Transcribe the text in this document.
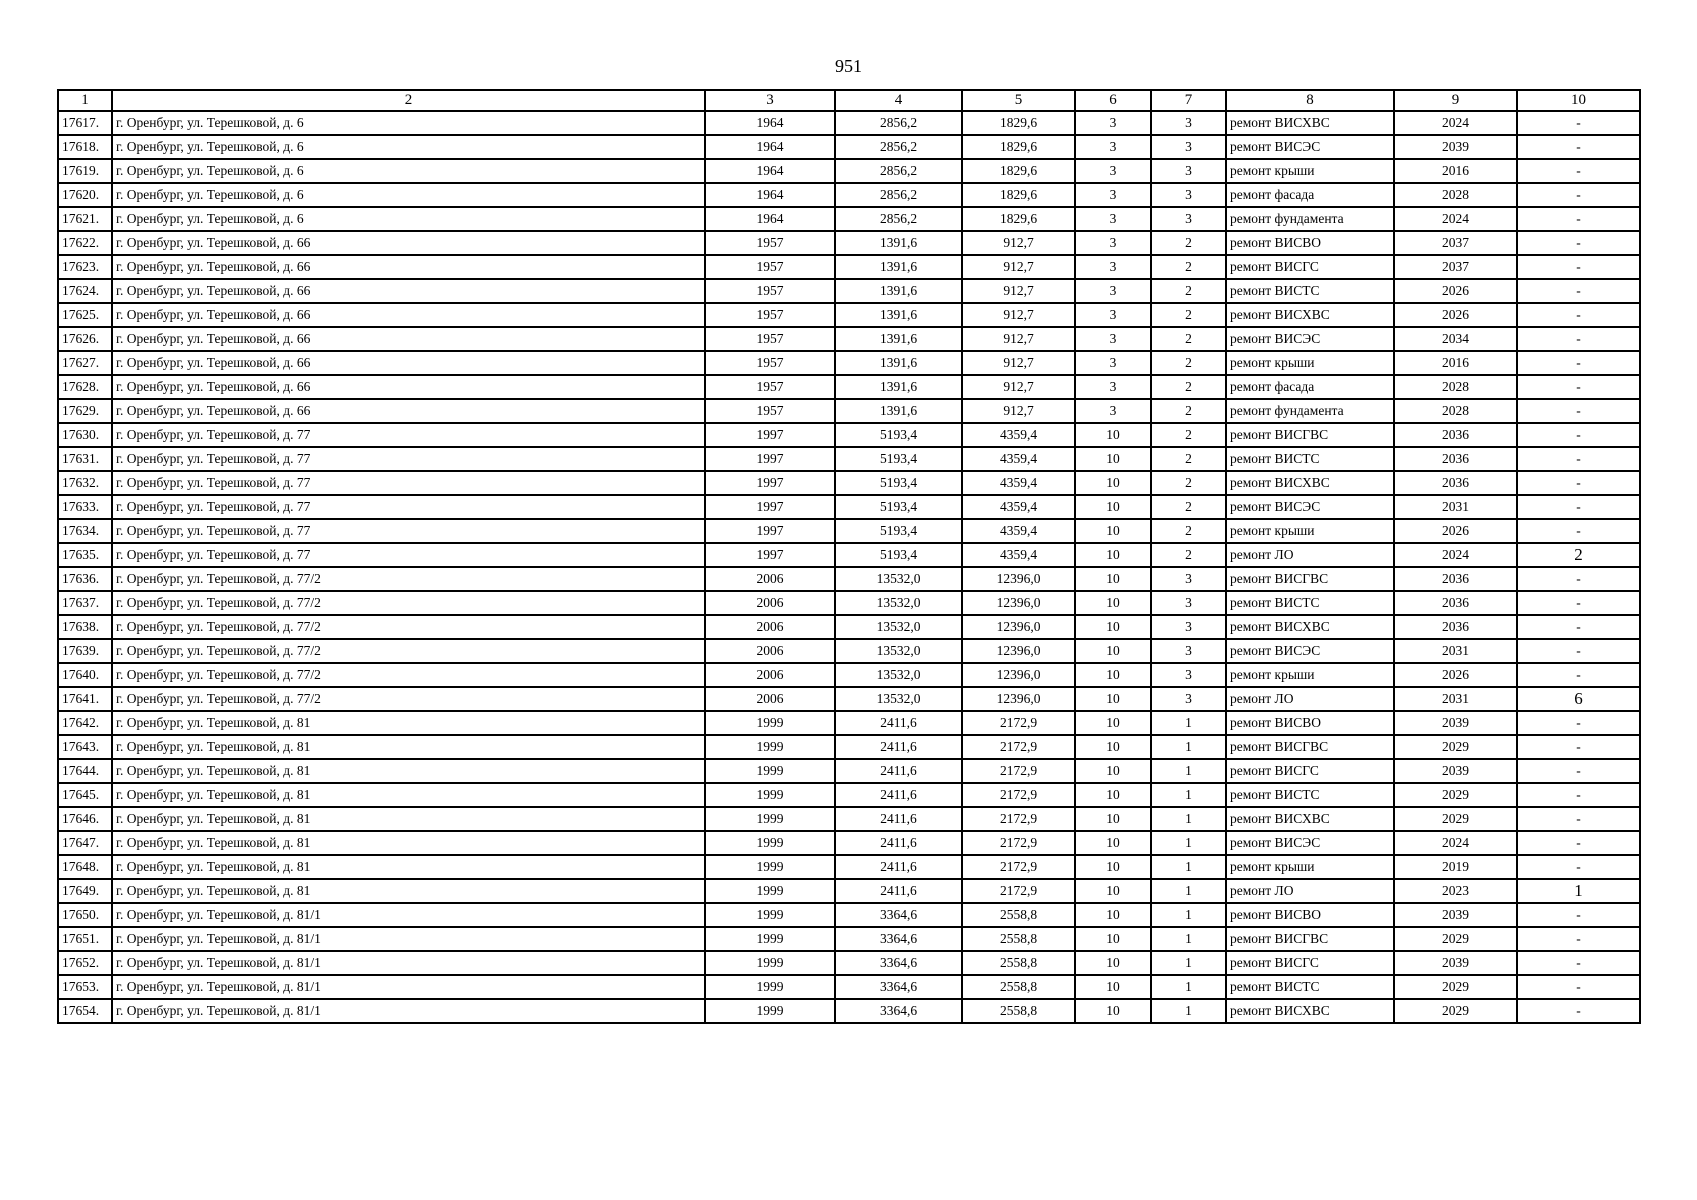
951
1	2	3	4	5	6	7	8	9	10
17617.	г. Оренбург, ул. Терешковой, д. 6	1964	2856,2	1829,6	3	3	ремонт ВИСХВС	2024	-
17618.	г. Оренбург, ул. Терешковой, д. 6	1964	2856,2	1829,6	3	3	ремонт ВИСЭС	2039	-
17619.	г. Оренбург, ул. Терешковой, д. 6	1964	2856,2	1829,6	3	3	ремонт крыши	2016	-
17620.	г. Оренбург, ул. Терешковой, д. 6	1964	2856,2	1829,6	3	3	ремонт фасада	2028	-
17621.	г. Оренбург, ул. Терешковой, д. 6	1964	2856,2	1829,6	3	3	ремонт фундамента	2024	-
17622.	г. Оренбург, ул. Терешковой, д. 66	1957	1391,6	912,7	3	2	ремонт ВИСВО	2037	-
17623.	г. Оренбург, ул. Терешковой, д. 66	1957	1391,6	912,7	3	2	ремонт ВИСГС	2037	-
17624.	г. Оренбург, ул. Терешковой, д. 66	1957	1391,6	912,7	3	2	ремонт ВИСТС	2026	-
17625.	г. Оренбург, ул. Терешковой, д. 66	1957	1391,6	912,7	3	2	ремонт ВИСХВС	2026	-
17626.	г. Оренбург, ул. Терешковой, д. 66	1957	1391,6	912,7	3	2	ремонт ВИСЭС	2034	-
17627.	г. Оренбург, ул. Терешковой, д. 66	1957	1391,6	912,7	3	2	ремонт крыши	2016	-
17628.	г. Оренбург, ул. Терешковой, д. 66	1957	1391,6	912,7	3	2	ремонт фасада	2028	-
17629.	г. Оренбург, ул. Терешковой, д. 66	1957	1391,6	912,7	3	2	ремонт фундамента	2028	-
17630.	г. Оренбург, ул. Терешковой, д. 77	1997	5193,4	4359,4	10	2	ремонт ВИСГВС	2036	-
17631.	г. Оренбург, ул. Терешковой, д. 77	1997	5193,4	4359,4	10	2	ремонт ВИСТС	2036	-
17632.	г. Оренбург, ул. Терешковой, д. 77	1997	5193,4	4359,4	10	2	ремонт ВИСХВС	2036	-
17633.	г. Оренбург, ул. Терешковой, д. 77	1997	5193,4	4359,4	10	2	ремонт ВИСЭС	2031	-
17634.	г. Оренбург, ул. Терешковой, д. 77	1997	5193,4	4359,4	10	2	ремонт крыши	2026	-
17635.	г. Оренбург, ул. Терешковой, д. 77	1997	5193,4	4359,4	10	2	ремонт ЛО	2024	2
17636.	г. Оренбург, ул. Терешковой, д. 77/2	2006	13532,0	12396,0	10	3	ремонт ВИСГВС	2036	-
17637.	г. Оренбург, ул. Терешковой, д. 77/2	2006	13532,0	12396,0	10	3	ремонт ВИСТС	2036	-
17638.	г. Оренбург, ул. Терешковой, д. 77/2	2006	13532,0	12396,0	10	3	ремонт ВИСХВС	2036	-
17639.	г. Оренбург, ул. Терешковой, д. 77/2	2006	13532,0	12396,0	10	3	ремонт ВИСЭС	2031	-
17640.	г. Оренбург, ул. Терешковой, д. 77/2	2006	13532,0	12396,0	10	3	ремонт крыши	2026	-
17641.	г. Оренбург, ул. Терешковой, д. 77/2	2006	13532,0	12396,0	10	3	ремонт ЛО	2031	6
17642.	г. Оренбург, ул. Терешковой, д. 81	1999	2411,6	2172,9	10	1	ремонт ВИСВО	2039	-
17643.	г. Оренбург, ул. Терешковой, д. 81	1999	2411,6	2172,9	10	1	ремонт ВИСГВС	2029	-
17644.	г. Оренбург, ул. Терешковой, д. 81	1999	2411,6	2172,9	10	1	ремонт ВИСГС	2039	-
17645.	г. Оренбург, ул. Терешковой, д. 81	1999	2411,6	2172,9	10	1	ремонт ВИСТС	2029	-
17646.	г. Оренбург, ул. Терешковой, д. 81	1999	2411,6	2172,9	10	1	ремонт ВИСХВС	2029	-
17647.	г. Оренбург, ул. Терешковой, д. 81	1999	2411,6	2172,9	10	1	ремонт ВИСЭС	2024	-
17648.	г. Оренбург, ул. Терешковой, д. 81	1999	2411,6	2172,9	10	1	ремонт крыши	2019	-
17649.	г. Оренбург, ул. Терешковой, д. 81	1999	2411,6	2172,9	10	1	ремонт ЛО	2023	1
17650.	г. Оренбург, ул. Терешковой, д. 81/1	1999	3364,6	2558,8	10	1	ремонт ВИСВО	2039	-
17651.	г. Оренбург, ул. Терешковой, д. 81/1	1999	3364,6	2558,8	10	1	ремонт ВИСГВС	2029	-
17652.	г. Оренбург, ул. Терешковой, д. 81/1	1999	3364,6	2558,8	10	1	ремонт ВИСГС	2039	-
17653.	г. Оренбург, ул. Терешковой, д. 81/1	1999	3364,6	2558,8	10	1	ремонт ВИСТС	2029	-
17654.	г. Оренбург, ул. Терешковой, д. 81/1	1999	3364,6	2558,8	10	1	ремонт ВИСХВС	2029	-
